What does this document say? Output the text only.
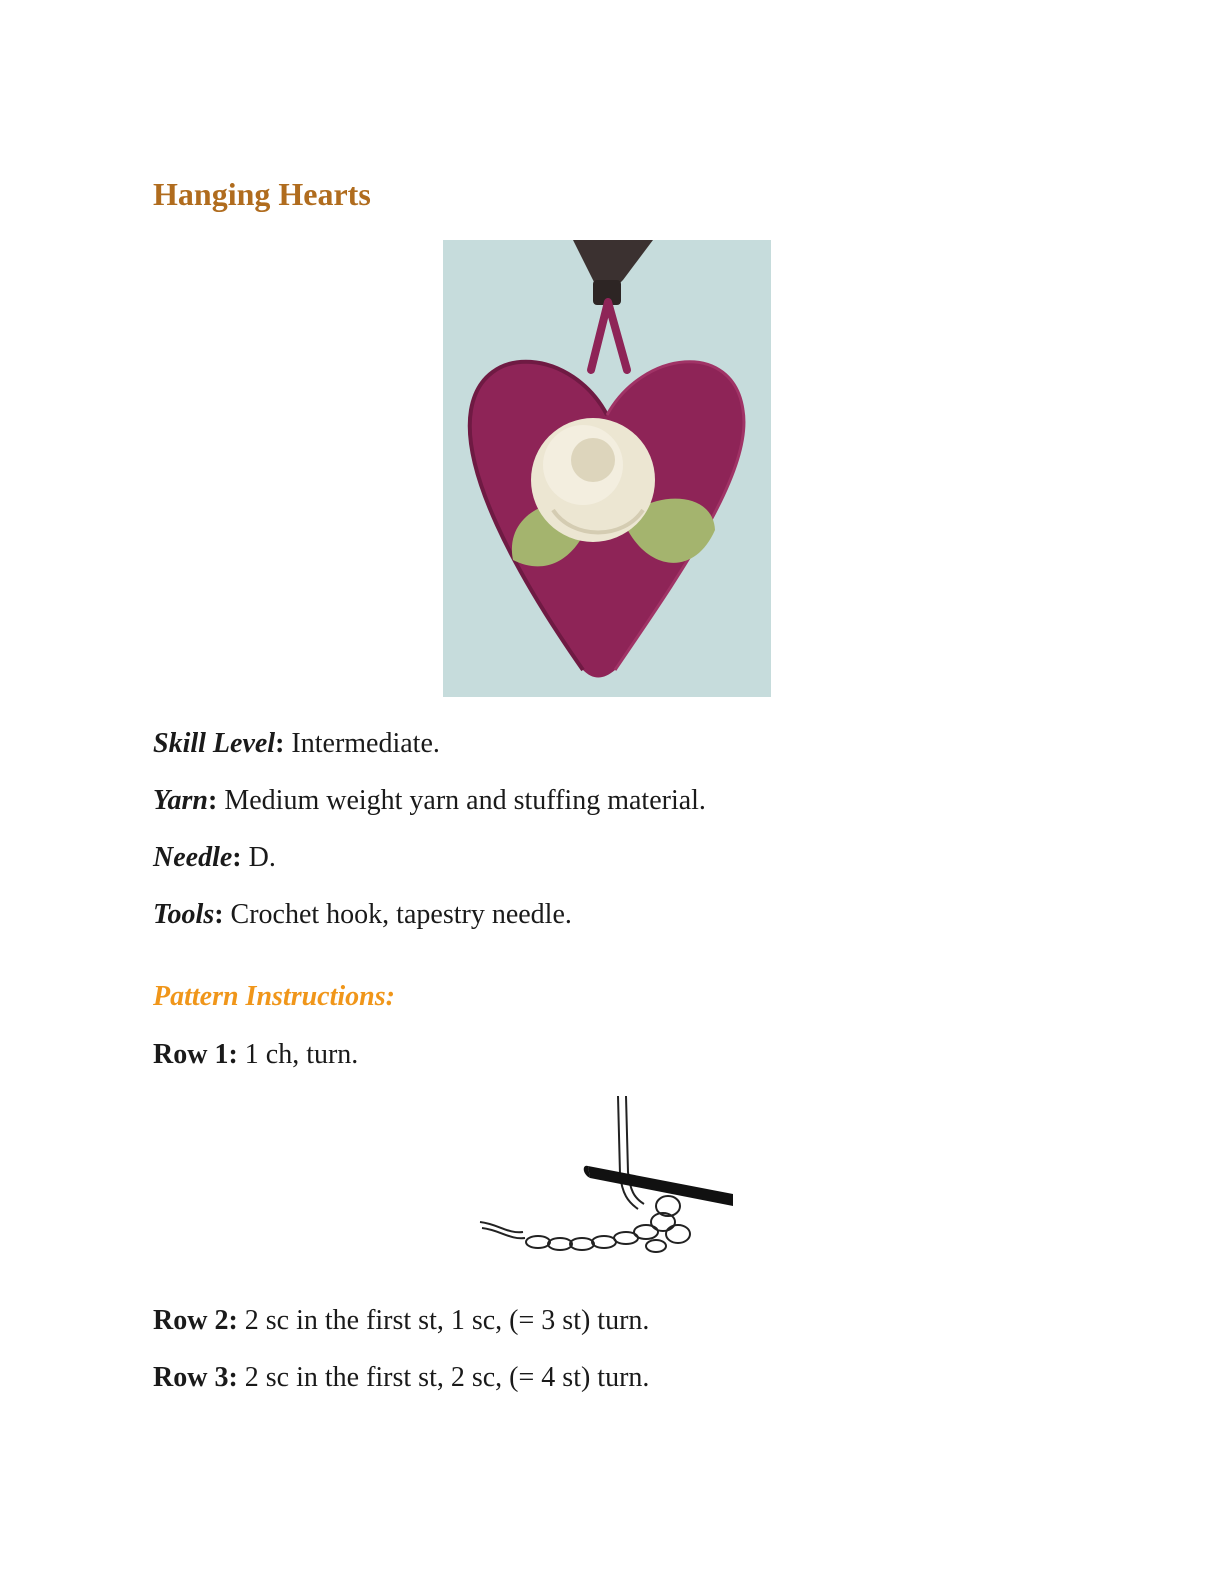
Hanging Hearts

Skill Level: Intermediate.

Yarn: Medium weight yarn and stuffing material.

Needle: D.

Tools: Crochet hook, tapestry needle.

Pattern Instructions:

Row 1: 1 ch, turn.

Row 2: 2 sc in the first st, 1 sc, (= 3 st) turn.

Row 3: 2 sc in the first st, 2 sc, (= 4 st) turn.
